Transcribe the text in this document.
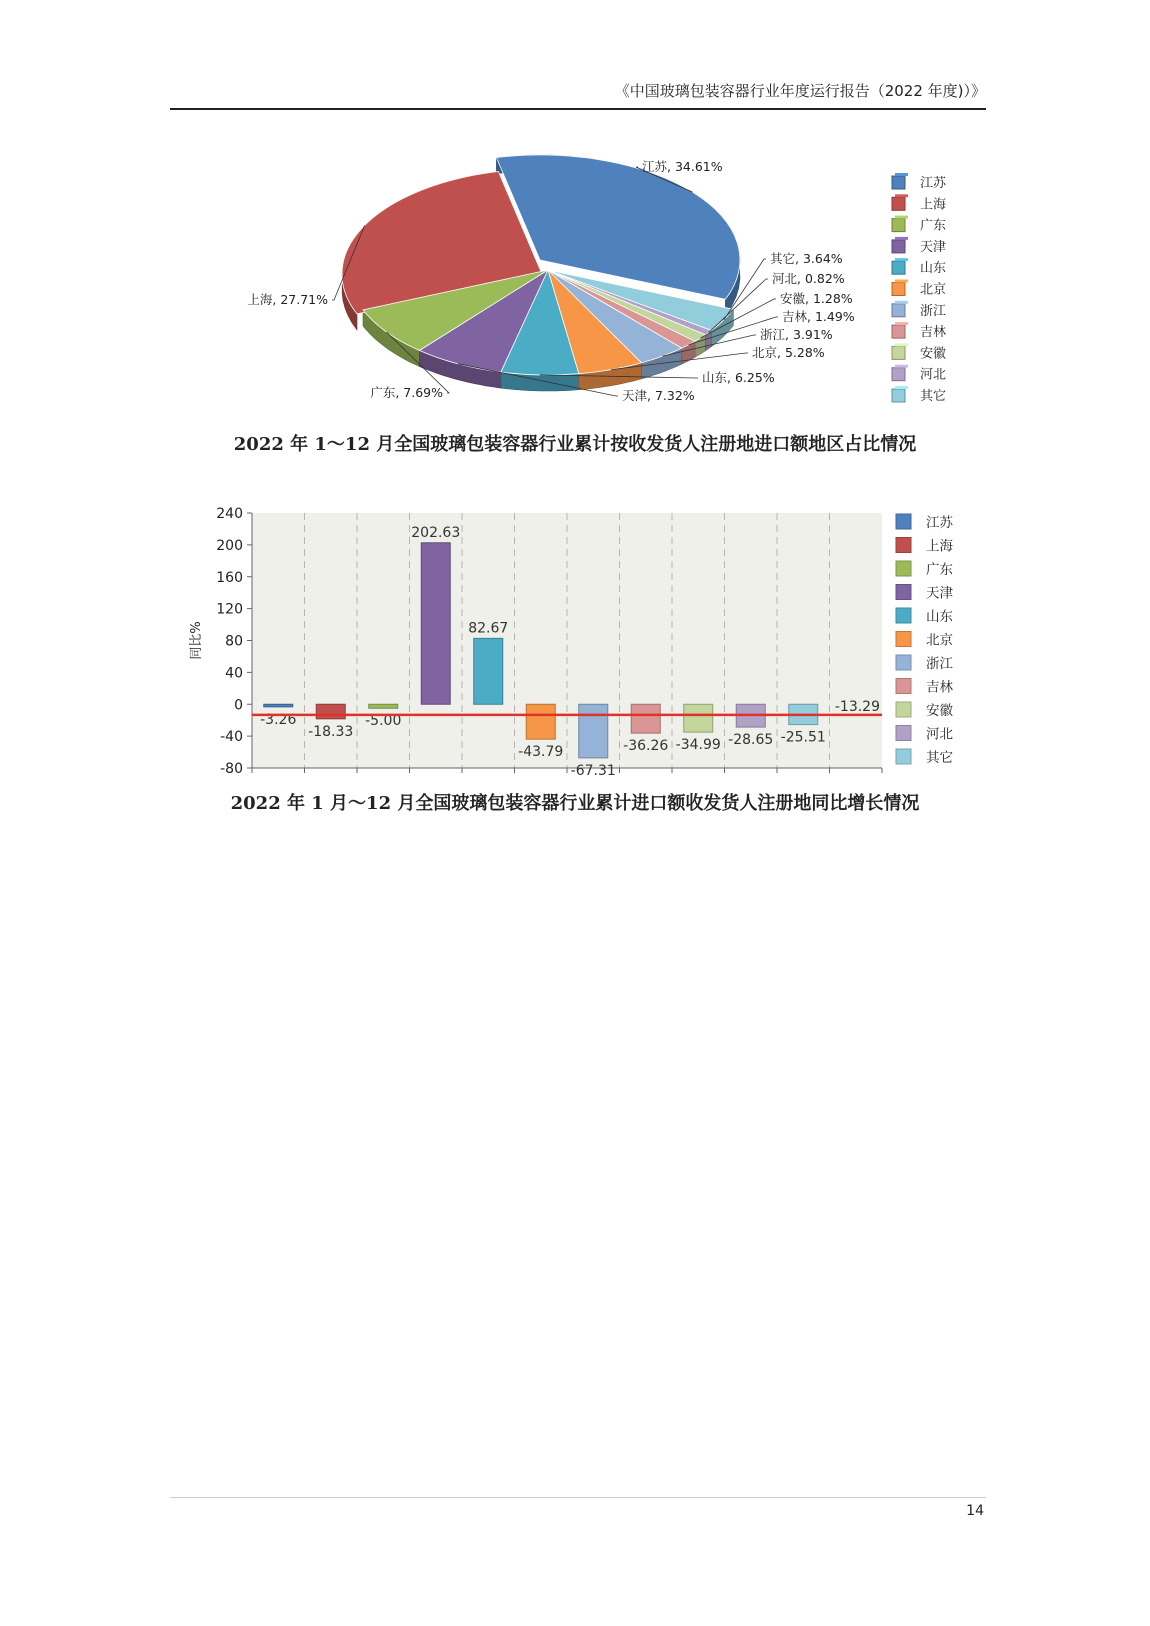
《中国玻璃包装容器行业年度运行报告（2022 年度)）》
江苏, 34.61%
上海, 27.71%
广东, 7.69%	天津, 7.32%
山东, 6.25%
北京, 5.28%
浙江, 3.91%
吉林, 1.49%
安徽, 1.28%
河北, 0.82%
其它, 3.64%
江苏
上海
广东
天津
山东
北京
浙江
吉林
安徽
河北
其它
2022 年 1～12 月全国玻璃包装容器行业累计按收发货人注册地进口额地区占比情况
240
200
160
120
80
40
0
-40
-80
同比%
-3.26
-18.33
-5.00
202.63
82.67
-43.79
-67.31
-36.26 -34.99 -28.65 -25.51
-13.29
江苏
上海
广东
天津
山东
北京
浙江
吉林
安徽
河北
其它
2022 年 1 月～12 月全国玻璃包装容器行业累计进口额收发货人注册地同比增长情况
14
